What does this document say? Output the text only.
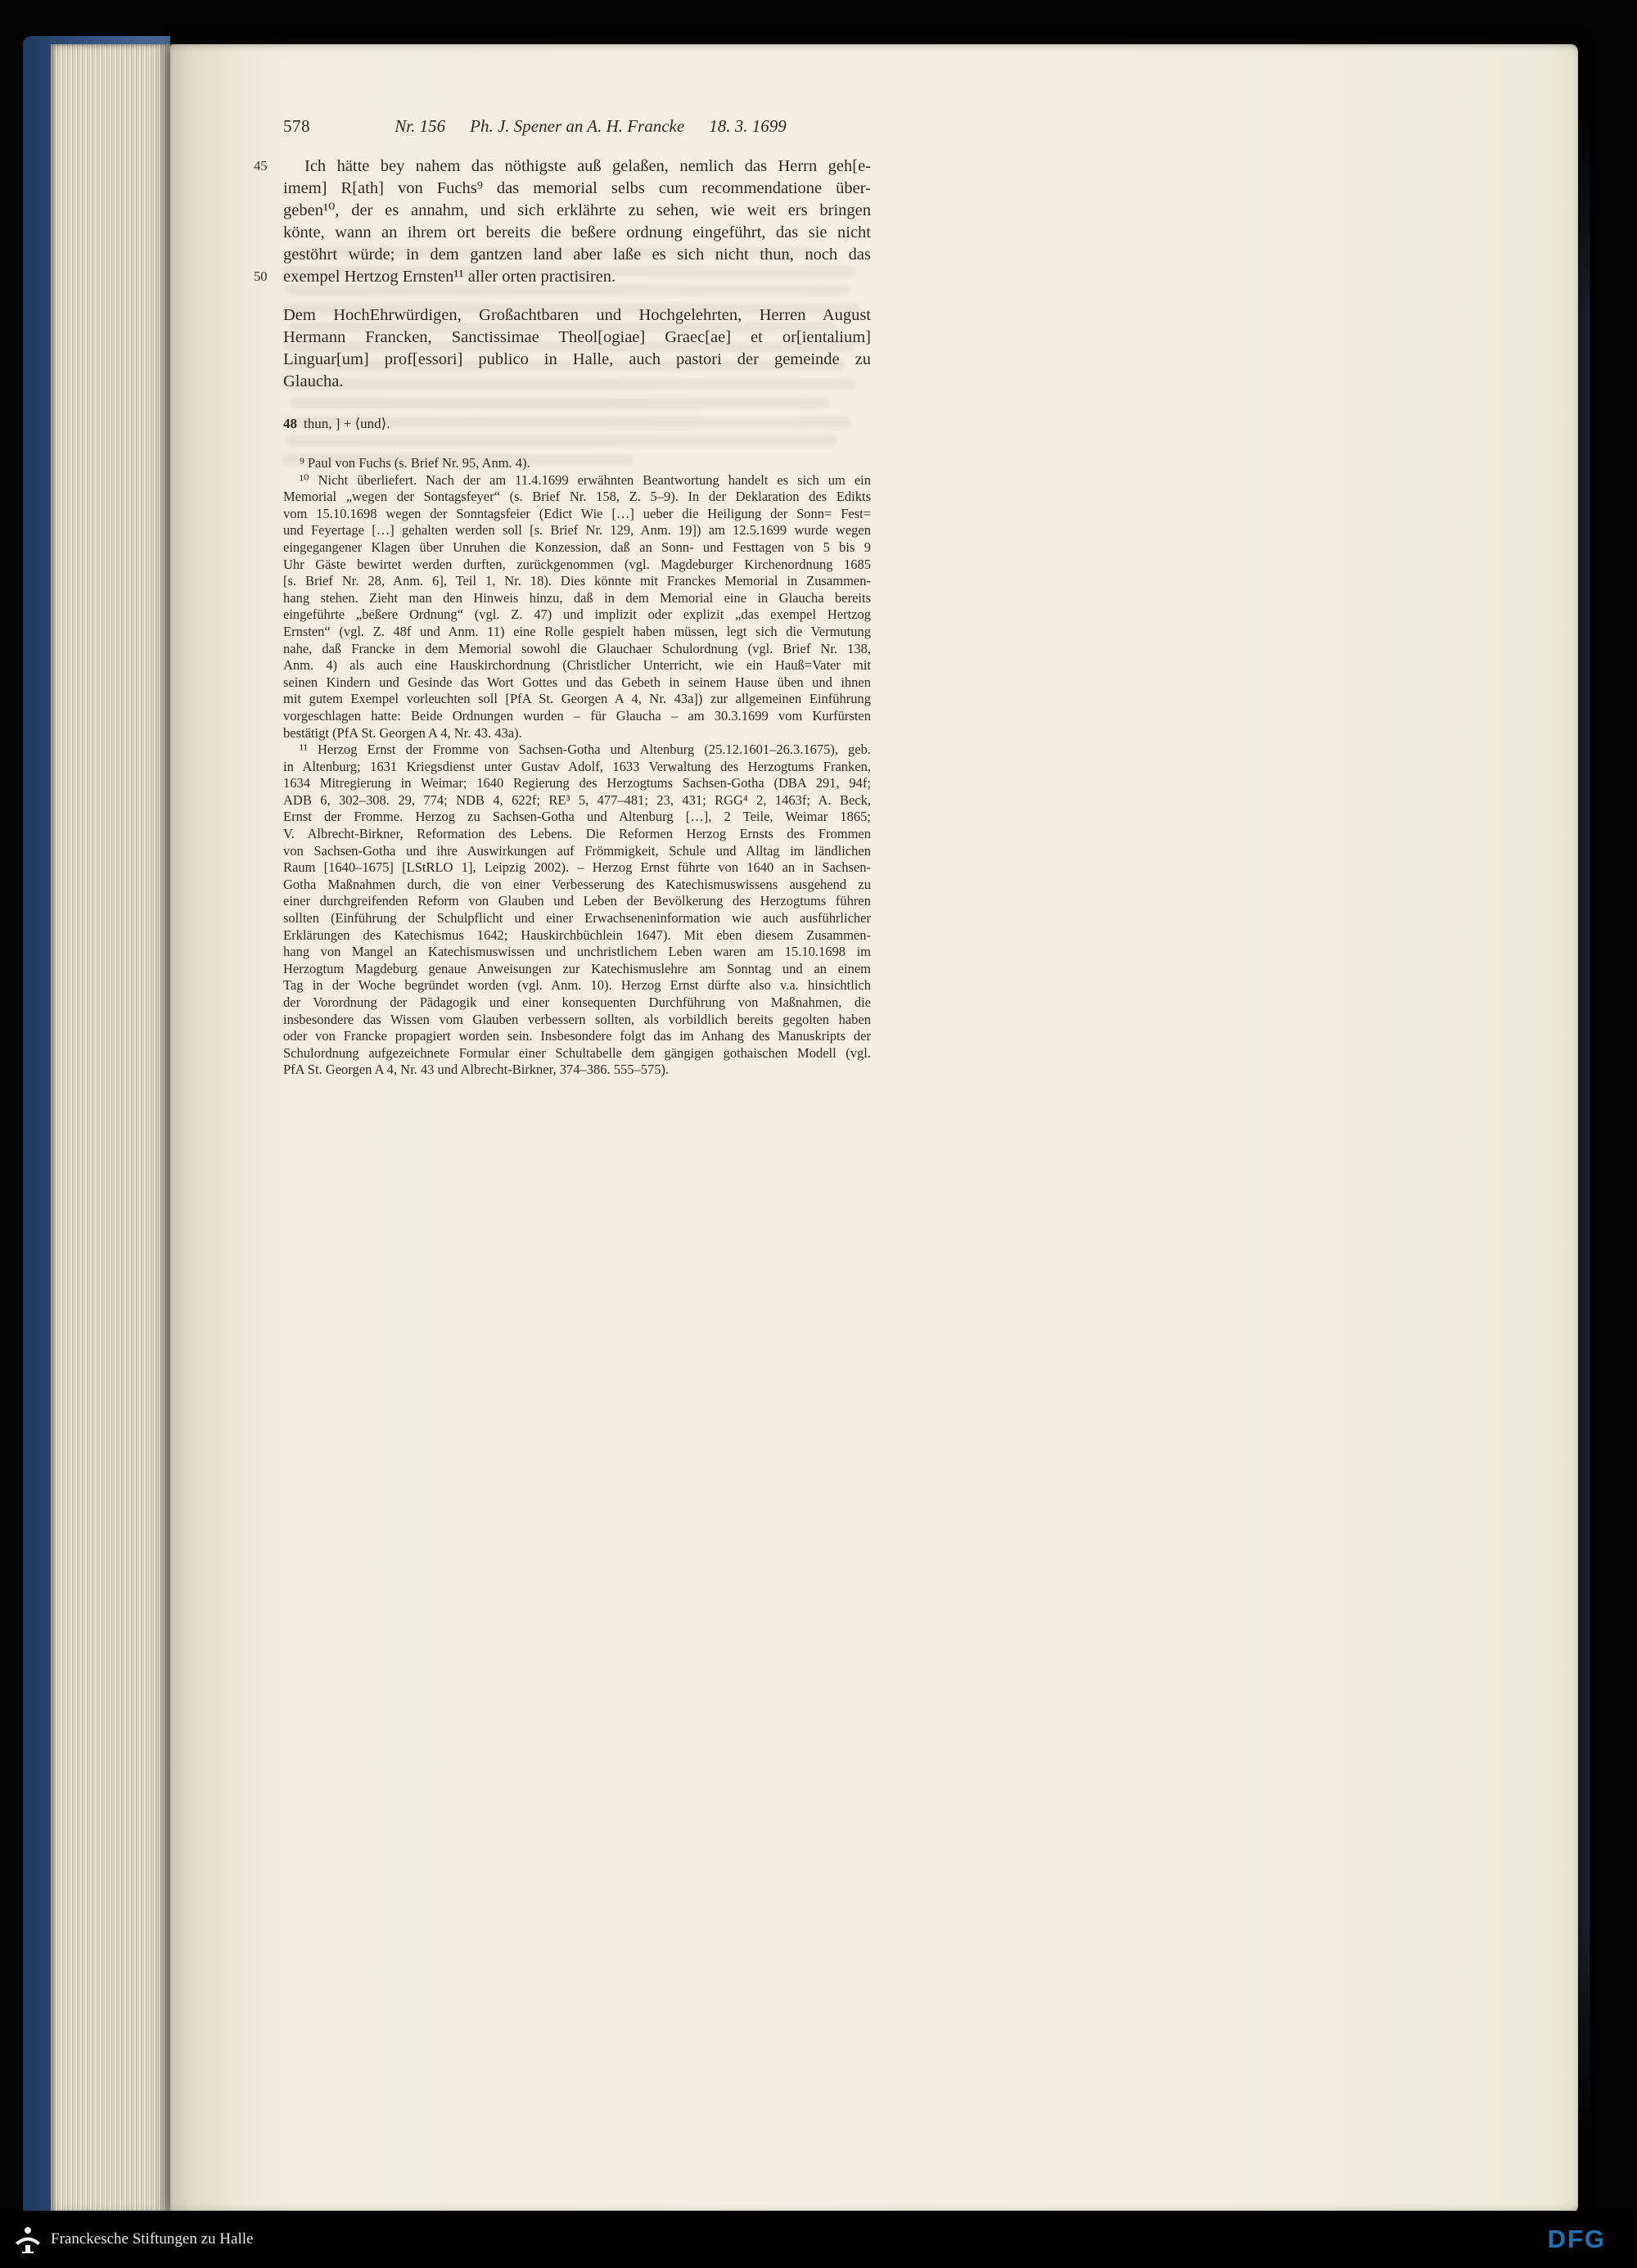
578	Nr. 156 Ph. J. Spener an A. H. Francke 18. 3. 1699
45
50
Ich hätte bey nahem das nöthigste auß gelaßen, nemlich das Herrn geh[e-
imem] R[ath] von Fuchs⁹ das memorial selbs cum recommendatione über-
geben¹⁰, der es annahm, und sich erklährte zu sehen, wie weit ers bringen
könte, wann an ihrem ort bereits die beßere ordnung eingeführt, das sie nicht
gestöhrt würde; in dem gantzen land aber laße es sich nicht thun, noch das
exempel Hertzog Ernsten¹¹ aller orten practisiren.
Dem HochEhrwürdigen, Großachtbaren und Hochgelehrten, Herren August
Hermann Francken, Sanctissimae Theol[ogiae] Graec[ae] et or[ientalium]
Linguar[um] prof[essori] publico in Halle, auch pastori der gemeinde zu
Glaucha.
48 thun, ] + ⟨und⟩.
⁹ Paul von Fuchs (s. Brief Nr. 95, Anm. 4).
¹⁰ Nicht überliefert. Nach der am 11.4.1699 erwähnten Beantwortung handelt es sich um ein
Memorial „wegen der Sontagsfeyer“ (s. Brief Nr. 158, Z. 5–9). In der Deklaration des Edikts
vom 15.10.1698 wegen der Sonntagsfeier (Edict Wie […] ueber die Heiligung der Sonn= Fest=
und Feyertage […] gehalten werden soll [s. Brief Nr. 129, Anm. 19]) am 12.5.1699 wurde wegen
eingegangener Klagen über Unruhen die Konzession, daß an Sonn- und Festtagen von 5 bis 9
Uhr Gäste bewirtet werden durften, zurückgenommen (vgl. Magdeburger Kirchenordnung 1685
[s. Brief Nr. 28, Anm. 6], Teil 1, Nr. 18). Dies könnte mit Franckes Memorial in Zusammen-
hang stehen. Zieht man den Hinweis hinzu, daß in dem Memorial eine in Glaucha bereits
eingeführte „beßere Ordnung“ (vgl. Z. 47) und implizit oder explizit „das exempel Hertzog
Ernsten“ (vgl. Z. 48f und Anm. 11) eine Rolle gespielt haben müssen, legt sich die Vermutung
nahe, daß Francke in dem Memorial sowohl die Glauchaer Schulordnung (vgl. Brief Nr. 138,
Anm. 4) als auch eine Hauskirchordnung (Christlicher Unterricht, wie ein Hauß=Vater mit
seinen Kindern und Gesinde das Wort Gottes und das Gebeth in seinem Hause üben und ihnen
mit gutem Exempel vorleuchten soll [PfA St. Georgen A 4, Nr. 43a]) zur allgemeinen Einführung
vorgeschlagen hatte: Beide Ordnungen wurden – für Glaucha – am 30.3.1699 vom Kurfürsten
bestätigt (PfA St. Georgen A 4, Nr. 43. 43a).
¹¹ Herzog Ernst der Fromme von Sachsen-Gotha und Altenburg (25.12.1601–26.3.1675), geb.
in Altenburg; 1631 Kriegsdienst unter Gustav Adolf, 1633 Verwaltung des Herzogtums Franken,
1634 Mitregierung in Weimar; 1640 Regierung des Herzogtums Sachsen-Gotha (DBA 291, 94f;
ADB 6, 302–308. 29, 774; NDB 4, 622f; RE³ 5, 477–481; 23, 431; RGG⁴ 2, 1463f; A. Beck,
Ernst der Fromme. Herzog zu Sachsen-Gotha und Altenburg […], 2 Teile, Weimar 1865;
V. Albrecht-Birkner, Reformation des Lebens. Die Reformen Herzog Ernsts des Frommen
von Sachsen-Gotha und ihre Auswirkungen auf Frömmigkeit, Schule und Alltag im ländlichen
Raum [1640–1675] [LStRLO 1], Leipzig 2002). – Herzog Ernst führte von 1640 an in Sachsen-
Gotha Maßnahmen durch, die von einer Verbesserung des Katechismuswissens ausgehend zu
einer durchgreifenden Reform von Glauben und Leben der Bevölkerung des Herzogtums führen
sollten (Einführung der Schulpflicht und einer Erwachseneninformation wie auch ausführlicher
Erklärungen des Katechismus 1642; Hauskirchbüchlein 1647). Mit eben diesem Zusammen-
hang von Mangel an Katechismuswissen und unchristlichem Leben waren am 15.10.1698 im
Herzogtum Magdeburg genaue Anweisungen zur Katechismuslehre am Sonntag und an einem
Tag in der Woche begründet worden (vgl. Anm. 10). Herzog Ernst dürfte also v.a. hinsichtlich
der Vorordnung der Pädagogik und einer konsequenten Durchführung von Maßnahmen, die
insbesondere das Wissen vom Glauben verbessern sollten, als vorbildlich bereits gegolten haben
oder von Francke propagiert worden sein. Insbesondere folgt das im Anhang des Manuskripts der
Schulordnung aufgezeichnete Formular einer Schultabelle dem gängigen gothaischen Modell (vgl.
PfA St. Georgen A 4, Nr. 43 und Albrecht-Birkner, 374–386. 555–575).
Franckesche Stiftungen zu Halle	DFG
